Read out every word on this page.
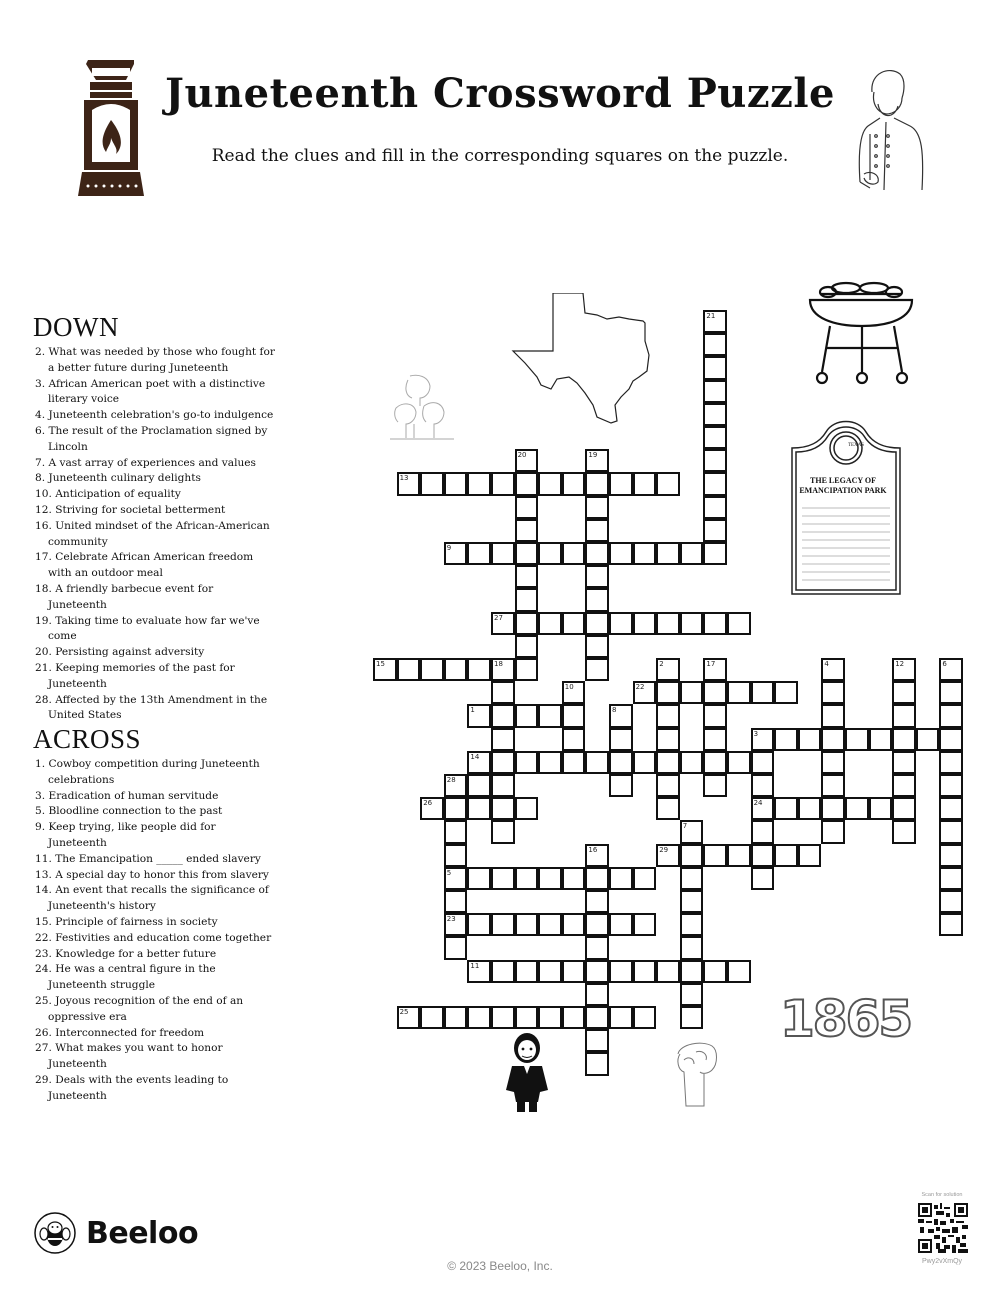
Juneteenth Crossword Puzzle
Read the clues and fill in the corresponding squares on the puzzle.
DOWN
2. What was needed by those who fought for a better future during Juneteenth
3. African American poet with a distinctive literary voice
4. Juneteenth celebration's go-to indulgence
6. The result of the Proclamation signed by Lincoln
7. A vast array of experiences and values
8. Juneteenth culinary delights
10. Anticipation of equality
12. Striving for societal betterment
16. United mindset of the African-American community
17. Celebrate African American freedom with an outdoor meal
18. A friendly barbecue event for Juneteenth
19. Taking time to evaluate how far we've come
20. Persisting against adversity
21. Keeping memories of the past for Juneteenth
28. Affected by the 13th Amendment in the United States
ACROSS
1. Cowboy competition during Juneteenth celebrations
3. Eradication of human servitude
5. Bloodline connection to the past
9. Keep trying, like people did for Juneteenth
11. The Emancipation _____ ended slavery
13. A special day to honor this from slavery
14. An event that recalls the significance of Juneteenth's history
15. Principle of fairness in society
22. Festivities and education come together
23. Knowledge for a better future
24. He was a central figure in the Juneteenth struggle
25. Joyous recognition of the end of an oppressive era
26. Interconnected for freedom
27. What makes you want to honor Juneteenth
29. Deals with the events leading to Juneteenth
TEXAS
THE LEGACY OF EMANCIPATION PARK
1865
21
20	19
13
9
27
15	18	2	17	4	12	6
10	22
1	8
3
14
28
26	24
7
16	29
5
23
11
25
Beeloo
© 2023 Beeloo, Inc.
Scan for solution
Pwy2vXmQy
